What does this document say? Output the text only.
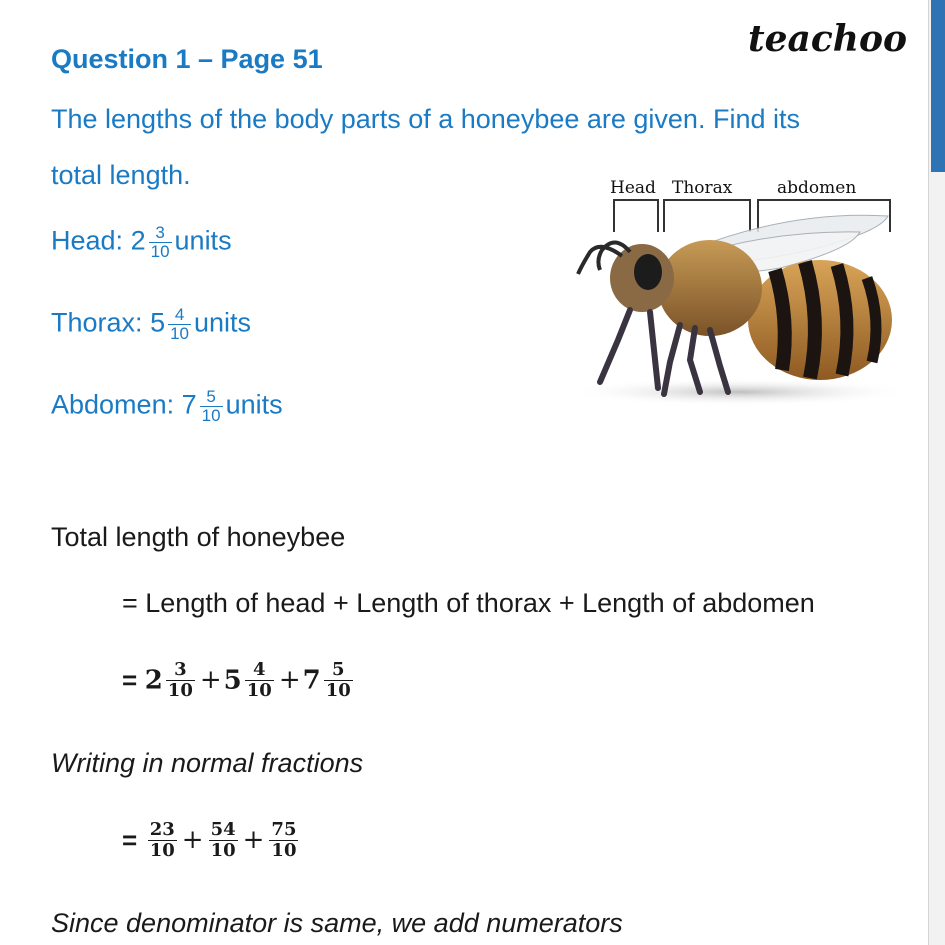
teachoo
Question 1 – Page 51
The lengths of the body parts of a honeybee are given. Find its
total length.
Head: $2 \frac{3}{10}$ units
Thorax: $5 \frac{4}{10}$ units
Abdomen: $7 \frac{5}{10}$ units
Head Thorax	abdomen
Total length of honeybee
= Length of head + Length of thorax + Length of abdomen
= $2 \frac{3}{10} +5 \frac{4}{10} +7 \frac{5}{10}$
Writing in normal fractions
= $\frac{23}{10} + \frac{54}{10} + \frac{75}{10}$
Since denominator is same, we add numerators
